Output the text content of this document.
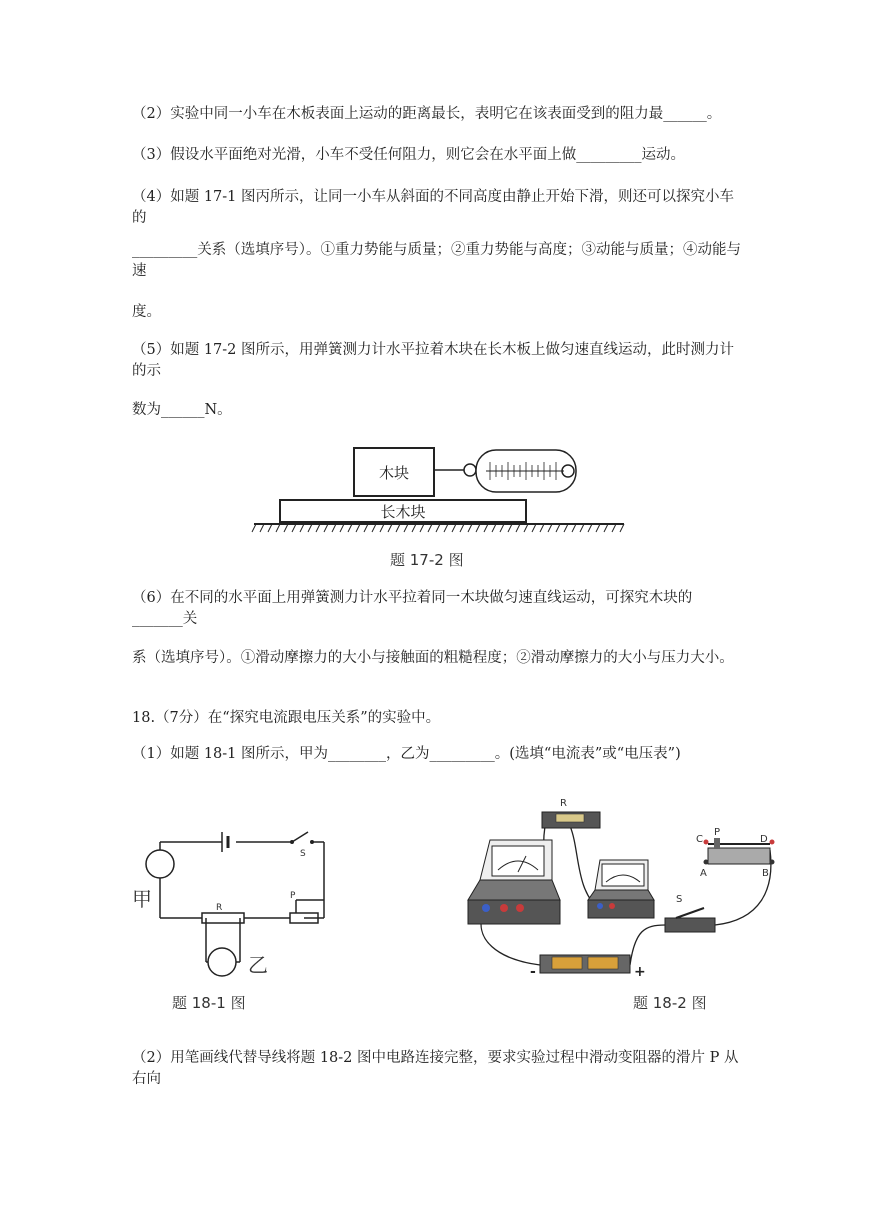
（2）实验中同一小车在木板表面上运动的距离最长，表明它在该表面受到的阻力最______。

（3）假设水平面绝对光滑，小车不受任何阻力，则它会在水平面上做_________运动。

（4）如题 17-1 图丙所示，让同一小车从斜面的不同高度由静止开始下滑，则还可以探究小车的

_________关系（选填序号）。①重力势能与质量；②重力势能与高度；③动能与质量；④动能与速

度。

（5）如题 17-2 图所示，用弹簧测力计水平拉着木块在长木板上做匀速直线运动，此时测力计的示

数为______N。

木块
长木块
题 17-2 图

（6）在不同的水平面上用弹簧测力计水平拉着同一木块做匀速直线运动，可探究木块的_______关

系（选填序号）。①滑动摩擦力的大小与接触面的粗糙程度；②滑动摩擦力的大小与压力大小。

18.（7分）在“探究电流跟电压关系”的实验中。

（1）如题 18-1 图所示，甲为________，乙为_________。(选填“电流表”或“电压表”)

甲
乙
R
S
P
题 18-1 图
R
C
P
D
A	B
S
-	+
题 18-2 图

（2）用笔画线代替导线将题 18-2 图中电路连接完整，要求实验过程中滑动变阻器的滑片 P 从右向
